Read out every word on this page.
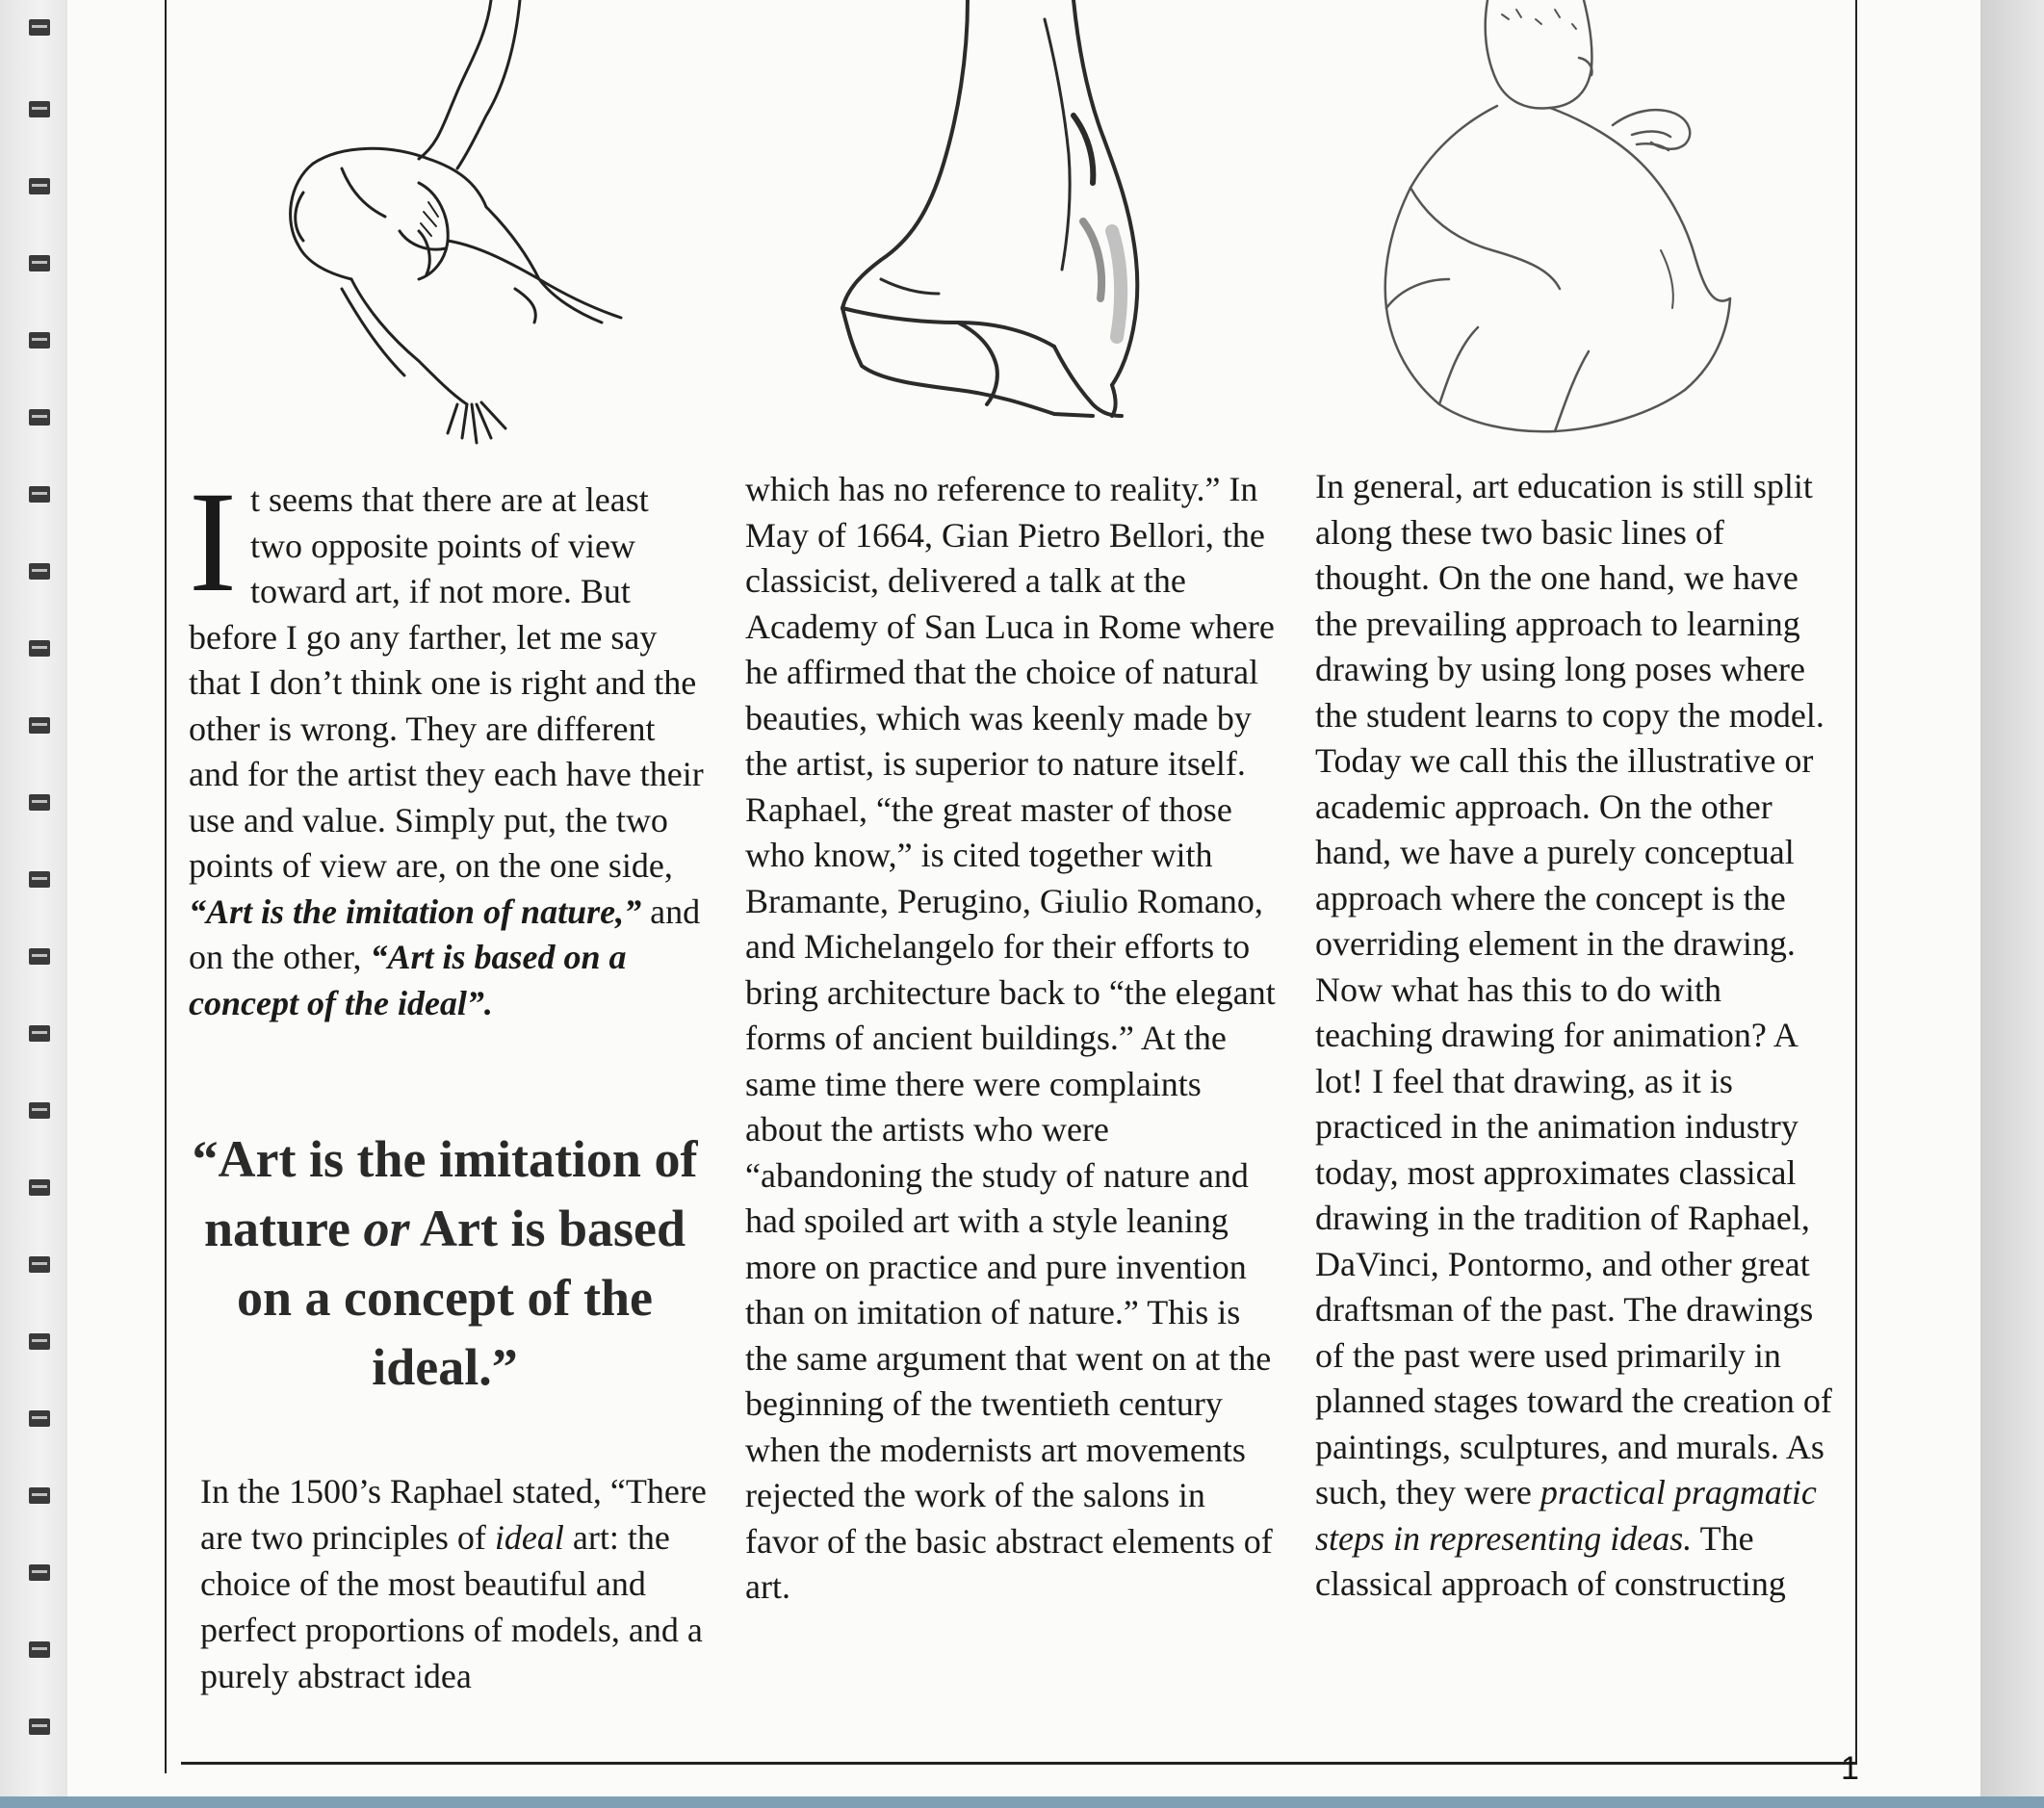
It seems that there are at least two opposite points of view toward art, if not more. But before I go any farther, let me say that I don’t think one is right and the other is wrong. They are different and for the artist they each have their use and value. Simply put, the two points of view are, on the one side, “Art is the imitation of nature,” and on the other, “Art is based on a concept of the ideal”.

“Art is the imitation of nature or Art is based on a concept of the ideal.”
In the 1500’s Raphael stated, “There are two principles of ideal art: the choice of the most beautiful and perfect proportions of models, and a purely abstract idea

which has no reference to reality.” In May of 1664, Gian Pietro Bellori, the classicist, delivered a talk at the Academy of San Luca in Rome where he affirmed that the choice of natural beauties, which was keenly made by the artist, is superior to nature itself. Raphael, “the great master of those who know,” is cited together with Bramante, Perugino, Giulio Romano, and Michelangelo for their efforts to bring architecture back to “the elegant forms of ancient buildings.” At the same time there were complaints about the artists who were “abandoning the study of nature and had spoiled art with a style leaning more on practice and pure invention than on imitation of nature.” This is the same argument that went on at the beginning of the twentieth century when the modernists art movements rejected the work of the salons in favor of the basic abstract elements of art.

In general, art education is still split along these two basic lines of thought. On the one hand, we have the prevailing approach to learning drawing by using long poses where the student learns to copy the model. Today we call this the illustrative or academic approach. On the other hand, we have a purely conceptual approach where the concept is the overriding element in the drawing. Now what has this to do with teaching drawing for animation? A lot! I feel that drawing, as it is practiced in the animation industry today, most approximates classical drawing in the tradition of Raphael, DaVinci, Pontormo, and other great draftsman of the past. The drawings of the past were used primarily in planned stages toward the creation of paintings, sculptures, and murals. As such, they were practical pragmatic steps in representing ideas. The classical approach of constructing

1
